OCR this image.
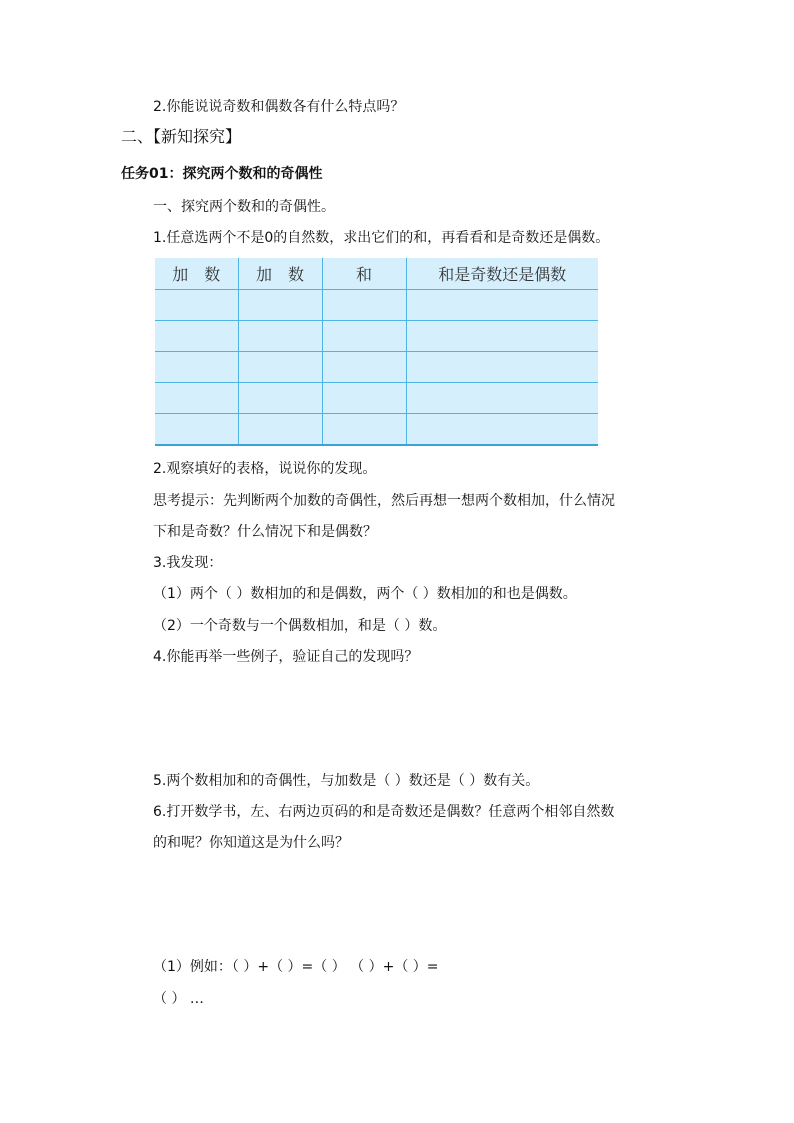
2.你能说说奇数和偶数各有什么特点吗？
二、【新知探究】
任务01：探究两个数和的奇偶性
一、探究两个数和的奇偶性。
1.任意选两个不是0的自然数，求出它们的和，再看看和是奇数还是偶数。
加　数	加　数	和	和是奇数还是偶数

2.观察填好的表格，说说你的发现。
思考提示：先判断两个加数的奇偶性，然后再想一想两个数相加，什么情况
下和是奇数？什么情况下和是偶数？
3.我发现：
（1）两个（ ）数相加的和是偶数，两个（ ）数相加的和也是偶数。
（2）一个奇数与一个偶数相加，和是（ ）数。
4.你能再举一些例子，验证自己的发现吗？
5.两个数相加和的奇偶性，与加数是（ ）数还是（ ）数有关。
6.打开数学书，左、右两边页码的和是奇数还是偶数？任意两个相邻自然数
的和呢？你知道这是为什么吗？
（1）例如：（ ）+（ ）=（ ） （ ）+（ ）=
（ ） …
